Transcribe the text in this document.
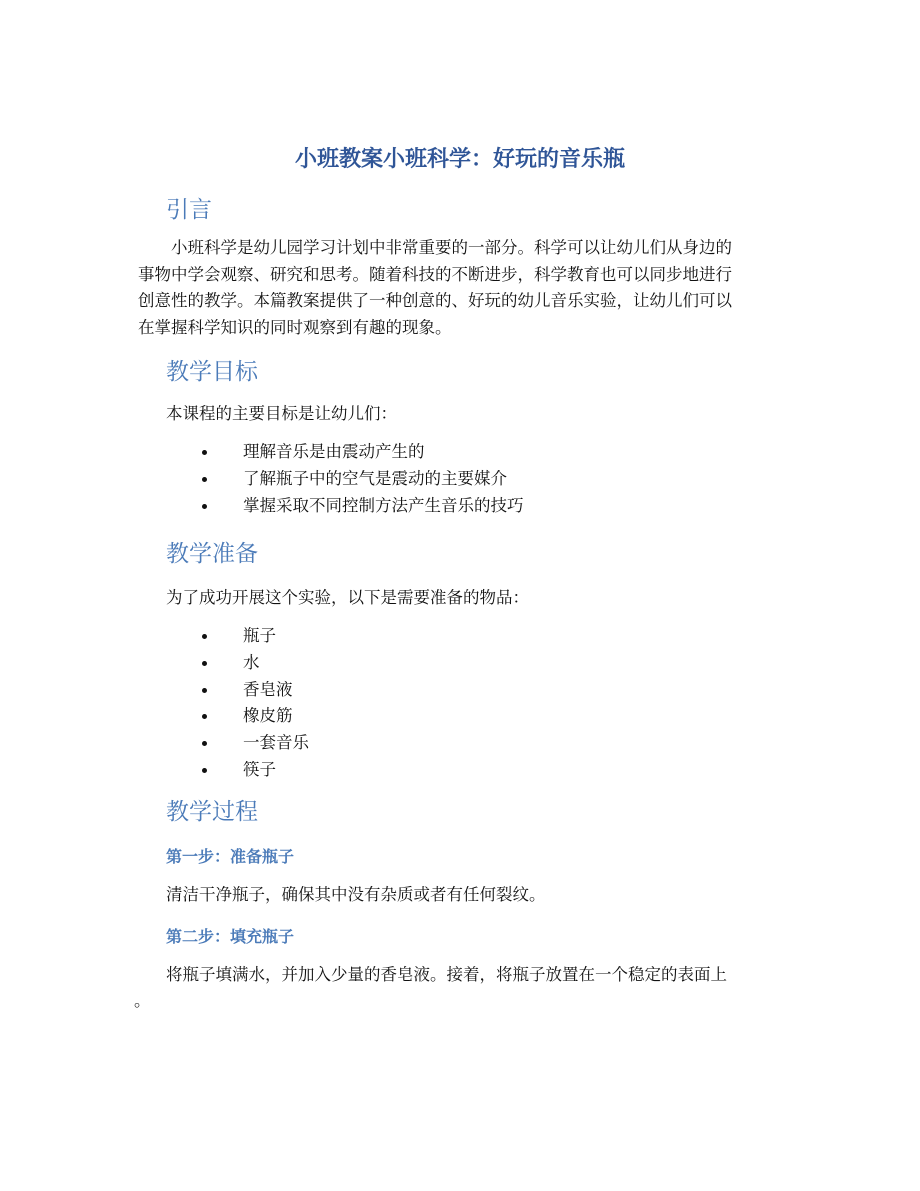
小班教案小班科学：好玩的音乐瓶
引言

　　小班科学是幼儿园学习计划中非常重要的一部分。科学可以让幼儿们从身边的

事物中学会观察、研究和思考。随着科技的不断进步，科学教育也可以同步地进行

创意性的教学。本篇教案提供了一种创意的、好玩的幼儿音乐实验，让幼儿们可以

在掌握科学知识的同时观察到有趣的现象。

教学目标

本课程的主要目标是让幼儿们：

理解音乐是由震动产生的
了解瓶子中的空气是震动的主要媒介
掌握采取不同控制方法产生音乐的技巧
教学准备

为了成功开展这个实验，以下是需要准备的物品：

瓶子
水
香皂液
橡皮筋
一套音乐
筷子
教学过程
第一步：准备瓶子

清洁干净瓶子，确保其中没有杂质或者有任何裂纹。

第二步：填充瓶子

将瓶子填满水，并加入少量的香皂液。接着，将瓶子放置在一个稳定的表面上

。
